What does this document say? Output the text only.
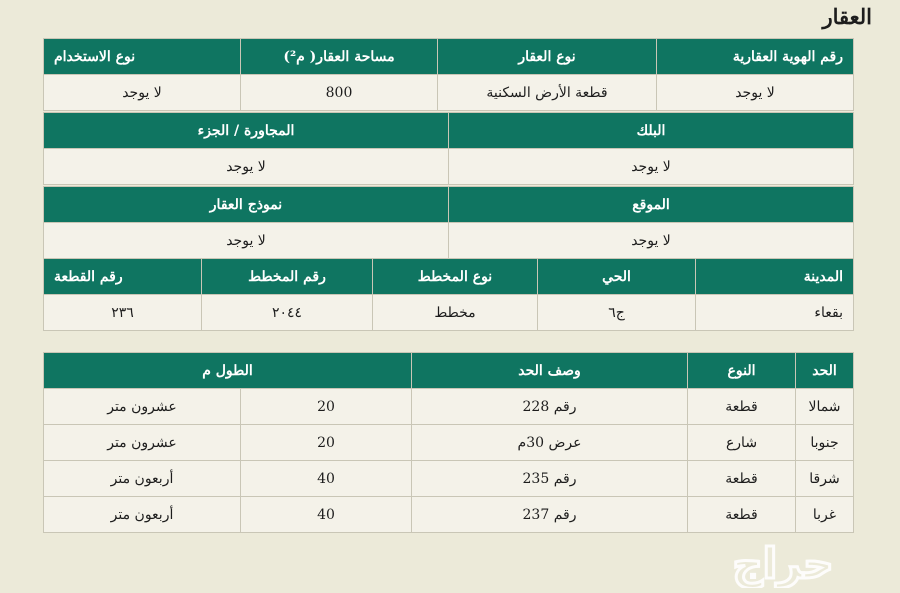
العقار
رقم الهوية العقارية	نوع العقار	مساحة العقار( م²)	نوع الاستخدام
لا يوجد	قطعة الأرض السكنية	800	لا يوجد
البلك	المجاورة / الجزء
لا يوجد	لا يوجد
الموقع	نموذج العقار
لا يوجد	لا يوجد
المدينة	الحي	نوع المخطط	رقم المخطط	رقم القطعة
بقعاء	ج٦	مخطط	٢٠٤٤	٢٣٦
الحد	النوع	وصف الحد	الطول م	
شمالا	قطعة	رقم 228	20	عشرون متر
جنوبا	شارع	عرض 30م	20	عشرون متر
شرقا	قطعة	رقم 235	40	أربعون متر
غربا	قطعة	رقم 237	40	أربعون متر
حراج
